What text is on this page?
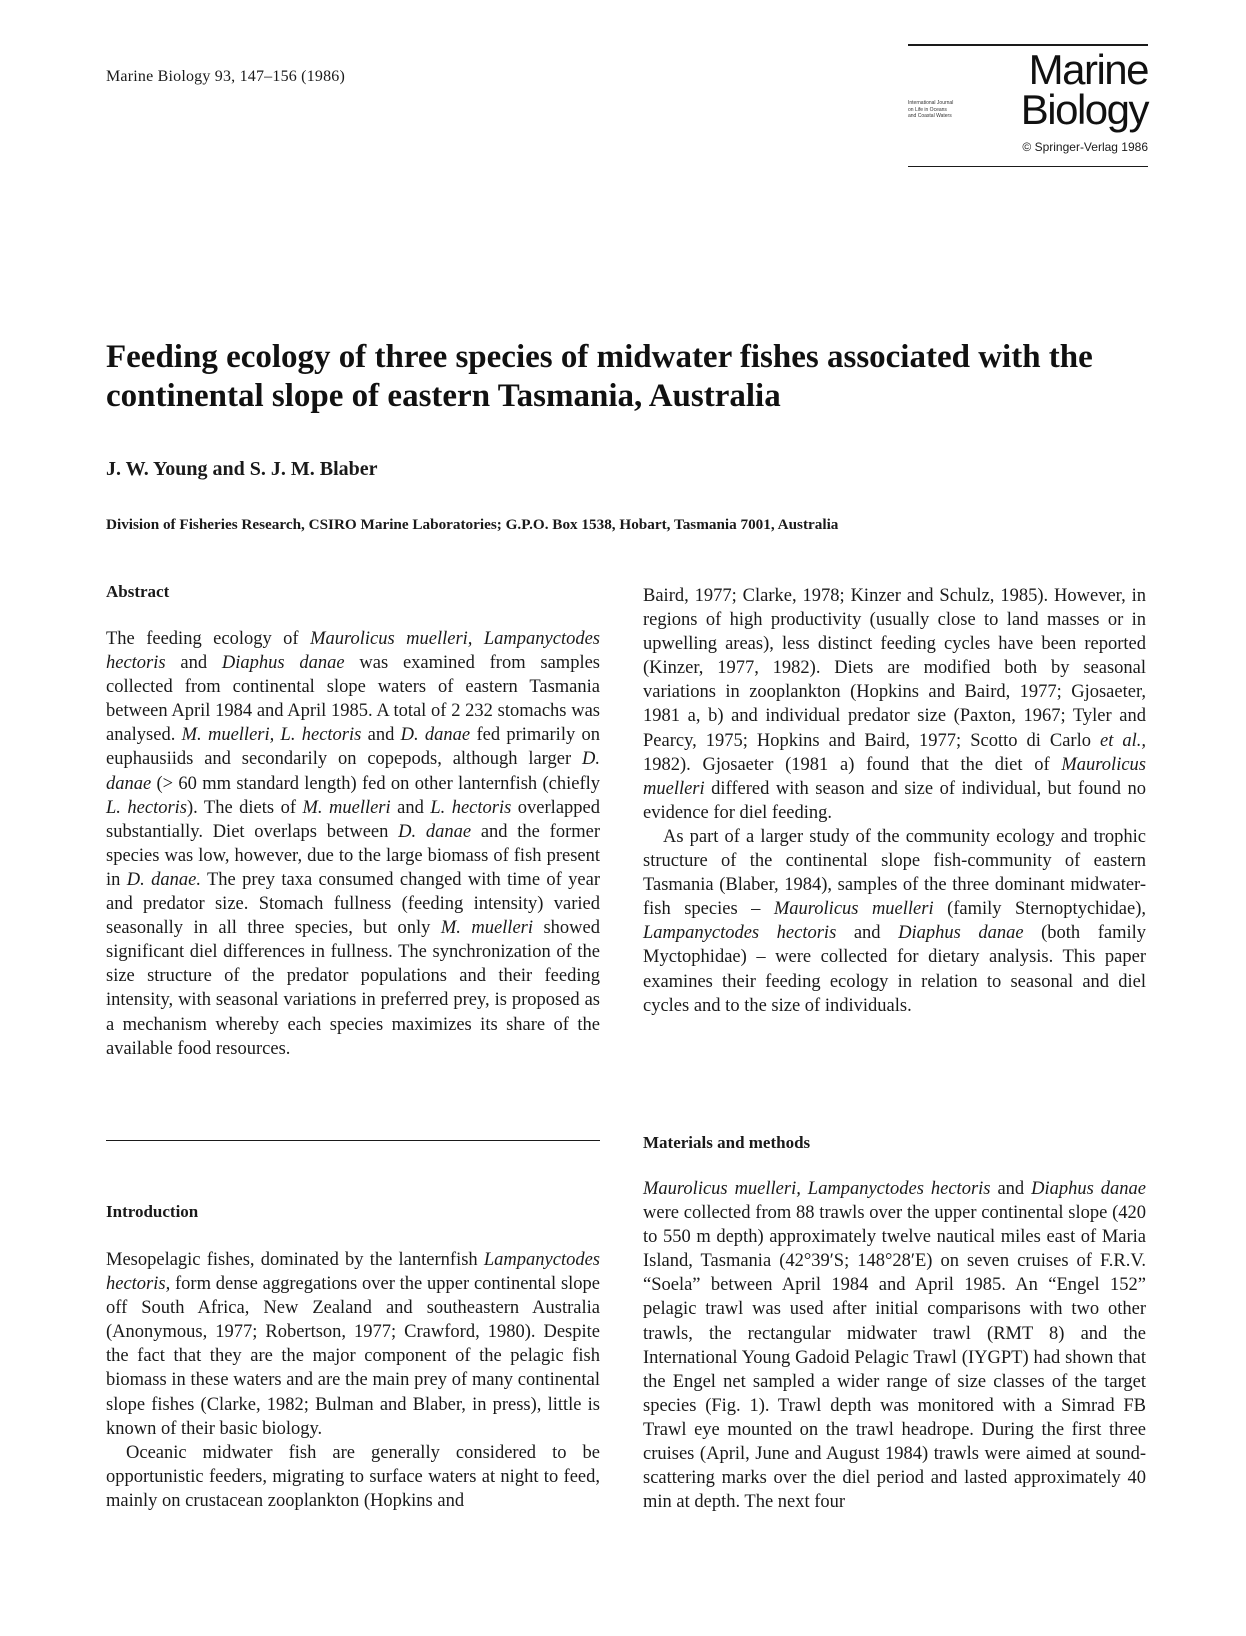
Marine Biology 93, 147–156 (1986)	Marine
Biology
International Journal
on Life in Oceans
and Coastal Waters
© Springer-Verlag 1986
Feeding ecology of three species of midwater fishes associated with the continental slope of eastern Tasmania, Australia
J. W. Young and S. J. M. Blaber
Division of Fisheries Research, CSIRO Marine Laboratories; G.P.O. Box 1538, Hobart, Tasmania 7001, Australia
Abstract

The feeding ecology of Maurolicus muelleri, Lampanyctodes hectoris and Diaphus danae was examined from samples collected from continental slope waters of eastern Tasmania between April 1984 and April 1985. A total of 2 232 stomachs was analysed. M. muelleri, L. hectoris and D. danae fed primarily on euphausiids and secondarily on copepods, although larger D. danae (> 60 mm standard length) fed on other lanternfish (chiefly L. hectoris). The diets of M. muelleri and L. hectoris overlapped substantially. Diet overlaps between D. danae and the former species was low, however, due to the large biomass of fish present in D. danae. The prey taxa consumed changed with time of year and predator size. Stomach fullness (feeding intensity) varied seasonally in all three species, but only M. muelleri showed significant diel differences in fullness. The synchronization of the size structure of the predator populations and their feeding intensity, with seasonal variations in preferred prey, is proposed as a mechanism whereby each species maximizes its share of the available food resources.

Introduction

Mesopelagic fishes, dominated by the lanternfish Lampanyctodes hectoris, form dense aggregations over the upper continental slope off South Africa, New Zealand and southeastern Australia (Anonymous, 1977; Robertson, 1977; Crawford, 1980). Despite the fact that they are the major component of the pelagic fish biomass in these waters and are the main prey of many continental slope fishes (Clarke, 1982; Bulman and Blaber, in press), little is known of their basic biology.

Oceanic midwater fish are generally considered to be opportunistic feeders, migrating to surface waters at night to feed, mainly on crustacean zooplankton (Hopkins and

Baird, 1977; Clarke, 1978; Kinzer and Schulz, 1985). However, in regions of high productivity (usually close to land masses or in upwelling areas), less distinct feeding cycles have been reported (Kinzer, 1977, 1982). Diets are modified both by seasonal variations in zooplankton (Hopkins and Baird, 1977; Gjosaeter, 1981 a, b) and individual predator size (Paxton, 1967; Tyler and Pearcy, 1975; Hopkins and Baird, 1977; Scotto di Carlo et al., 1982). Gjosaeter (1981 a) found that the diet of Maurolicus muelleri differed with season and size of individual, but found no evidence for diel feeding.

As part of a larger study of the community ecology and trophic structure of the continental slope fish-community of eastern Tasmania (Blaber, 1984), samples of the three dominant midwater-fish species – Maurolicus muelleri (family Sternoptychidae), Lampanyctodes hectoris and Diaphus danae (both family Myctophidae) – were collected for dietary analysis. This paper examines their feeding ecology in relation to seasonal and diel cycles and to the size of individuals.

Materials and methods

Maurolicus muelleri, Lampanyctodes hectoris and Diaphus danae were collected from 88 trawls over the upper continental slope (420 to 550 m depth) approximately twelve nautical miles east of Maria Island, Tasmania (42°39′S; 148°28′E) on seven cruises of F.R.V. “Soela” between April 1984 and April 1985. An “Engel 152” pelagic trawl was used after initial comparisons with two other trawls, the rectangular midwater trawl (RMT 8) and the International Young Gadoid Pelagic Trawl (IYGPT) had shown that the Engel net sampled a wider range of size classes of the target species (Fig. 1). Trawl depth was monitored with a Simrad FB Trawl eye mounted on the trawl headrope. During the first three cruises (April, June and August 1984) trawls were aimed at sound-scattering marks over the diel period and lasted approximately 40 min at depth. The next four
